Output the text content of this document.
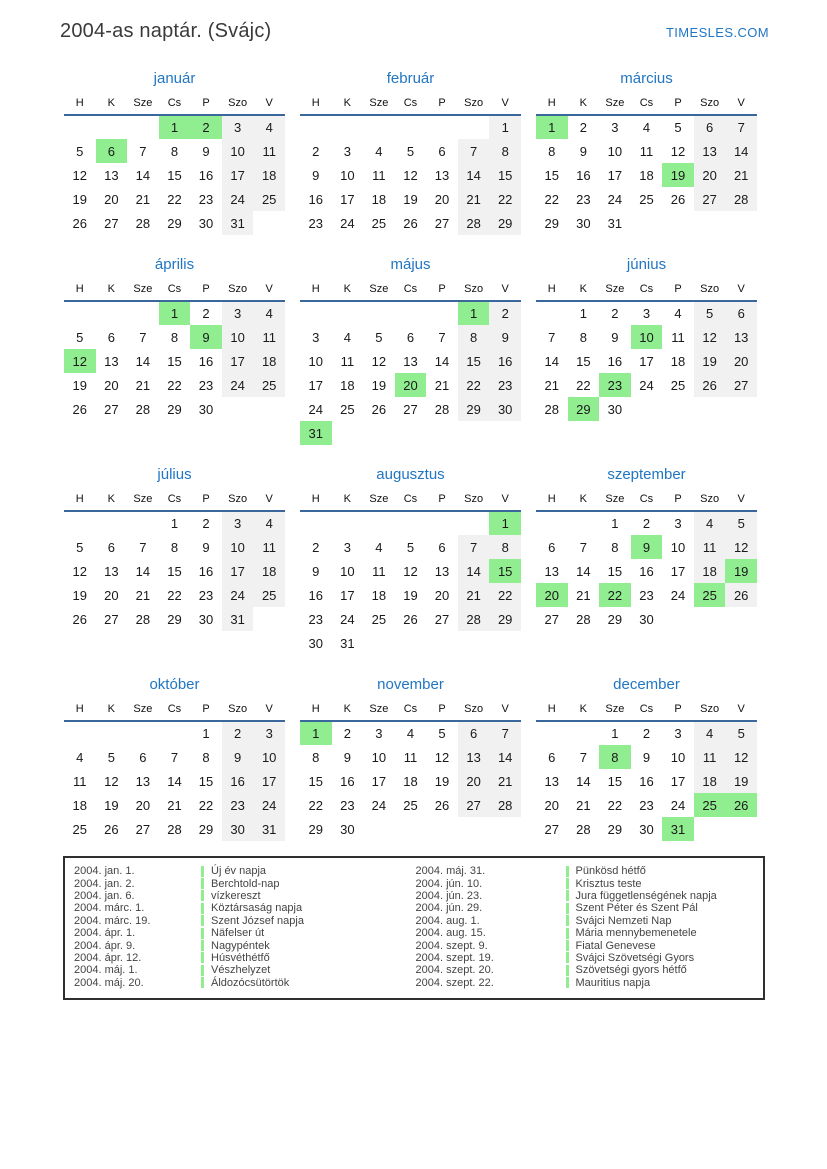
2004-as naptár. (Svájc)	TIMESLES.COM
január
H	K	Sze	Cs	P	Szo	V
			1	2	3	4
5	6	7	8	9	10	11
12	13	14	15	16	17	18
19	20	21	22	23	24	25
26	27	28	29	30	31	
február
H	K	Sze	Cs	P	Szo	V
						1
2	3	4	5	6	7	8
9	10	11	12	13	14	15
16	17	18	19	20	21	22
23	24	25	26	27	28	29
március
H	K	Sze	Cs	P	Szo	V
1	2	3	4	5	6	7
8	9	10	11	12	13	14
15	16	17	18	19	20	21
22	23	24	25	26	27	28
29	30	31				
április
H	K	Sze	Cs	P	Szo	V
			1	2	3	4
5	6	7	8	9	10	11
12	13	14	15	16	17	18
19	20	21	22	23	24	25
26	27	28	29	30		
május
H	K	Sze	Cs	P	Szo	V
					1	2
3	4	5	6	7	8	9
10	11	12	13	14	15	16
17	18	19	20	21	22	23
24	25	26	27	28	29	30
31						
június
H	K	Sze	Cs	P	Szo	V
	1	2	3	4	5	6
7	8	9	10	11	12	13
14	15	16	17	18	19	20
21	22	23	24	25	26	27
28	29	30				
július
H	K	Sze	Cs	P	Szo	V
			1	2	3	4
5	6	7	8	9	10	11
12	13	14	15	16	17	18
19	20	21	22	23	24	25
26	27	28	29	30	31	
augusztus
H	K	Sze	Cs	P	Szo	V
						1
2	3	4	5	6	7	8
9	10	11	12	13	14	15
16	17	18	19	20	21	22
23	24	25	26	27	28	29
30	31					
szeptember
H	K	Sze	Cs	P	Szo	V
		1	2	3	4	5
6	7	8	9	10	11	12
13	14	15	16	17	18	19
20	21	22	23	24	25	26
27	28	29	30			
október
H	K	Sze	Cs	P	Szo	V
				1	2	3
4	5	6	7	8	9	10
11	12	13	14	15	16	17
18	19	20	21	22	23	24
25	26	27	28	29	30	31
november
H	K	Sze	Cs	P	Szo	V
1	2	3	4	5	6	7
8	9	10	11	12	13	14
15	16	17	18	19	20	21
22	23	24	25	26	27	28
29	30					
december
H	K	Sze	Cs	P	Szo	V
		1	2	3	4	5
6	7	8	9	10	11	12
13	14	15	16	17	18	19
20	21	22	23	24	25	26
27	28	29	30	31		
2004. jan. 1.	Új év napja
2004. jan. 2.	Berchtold-nap
2004. jan. 6.	vízkereszt
2004. márc. 1.	Köztársaság napja
2004. márc. 19.	Szent József napja
2004. ápr. 1.	Näfelser út
2004. ápr. 9.	Nagypéntek
2004. ápr. 12.	Húsvéthétfő
2004. máj. 1.	Vészhelyzet
2004. máj. 20.	Áldozócsütörtök
2004. máj. 31.	Pünkösd hétfő
2004. jún. 10.	Krisztus teste
2004. jún. 23.	Jura függetlenségének napja
2004. jún. 29.	Szent Péter és Szent Pál
2004. aug. 1.	Svájci Nemzeti Nap
2004. aug. 15.	Mária mennybemenetele
2004. szept. 9.	Fiatal Genevese
2004. szept. 19.	Svájci Szövetségi Gyors
2004. szept. 20.	Szövetségi gyors hétfő
2004. szept. 22.	Mauritius napja
